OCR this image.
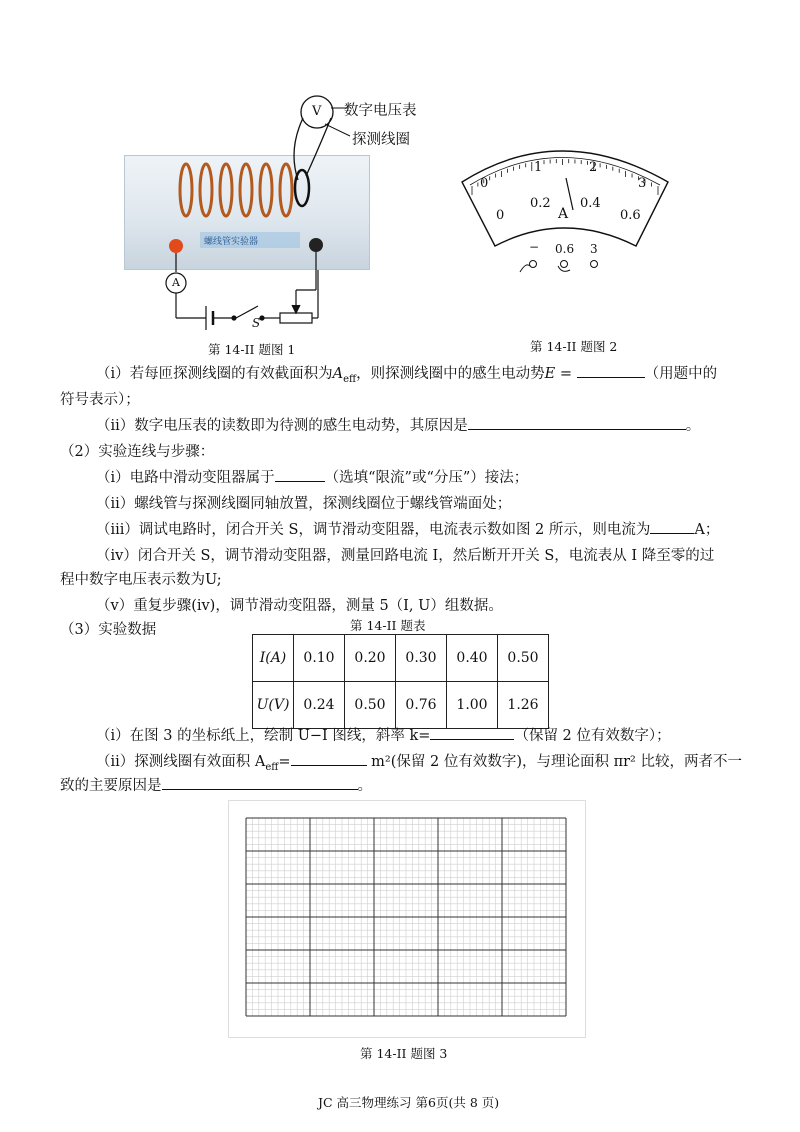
V 数字电压表
探测线圈
螺线管实验器
A
S
第 14-II 题图 1
0
1	2
3
0
0.2 0.4
0.6
A
− 0.6 3
第 14-II 题图 2
（i）若每匝探测线圈的有效截面积为$A_{eff}$，则探测线圈中的感生电动势E =	（用题中的
符号表示）；
（ii）数字电压表的读数即为待测的感生电动势，其原因是	。
（2）实验连线与步骤：
（i）电路中滑动变阻器属于	（选填“限流”或“分压”）接法；
（ii）螺线管与探测线圈同轴放置，探测线圈位于螺线管端面处；
（iii）调试电路时，闭合开关 S，调节滑动变阻器，电流表示数如图 2 所示，则电流为	A；
（iv）闭合开关 S，调节滑动变阻器，测量回路电流 I，然后断开开关 S，电流表从 I 降至零的过
程中数字电压表示数为U;
（v）重复步骤(iv)，调节滑动变阻器，测量 5（I, U）组数据。
（3）实验数据	第 14-II 题表
I(A)	0.10	0.20	0.30	0.40	0.50
U(V)	0.24	0.50	0.76	1.00	1.26
（i）在图 3 的坐标纸上，绘制 U−I 图线，斜率 k=	（保留 2 位有效数字）；
（ii）探测线圈有效面积 $A_{eff}=$	m²(保留 2 位有效数字)，与理论面积 πr² 比较，两者不一
致的主要原因是	。
第 14-II 题图 3
JC 高三物理练习 第6页(共 8 页)
